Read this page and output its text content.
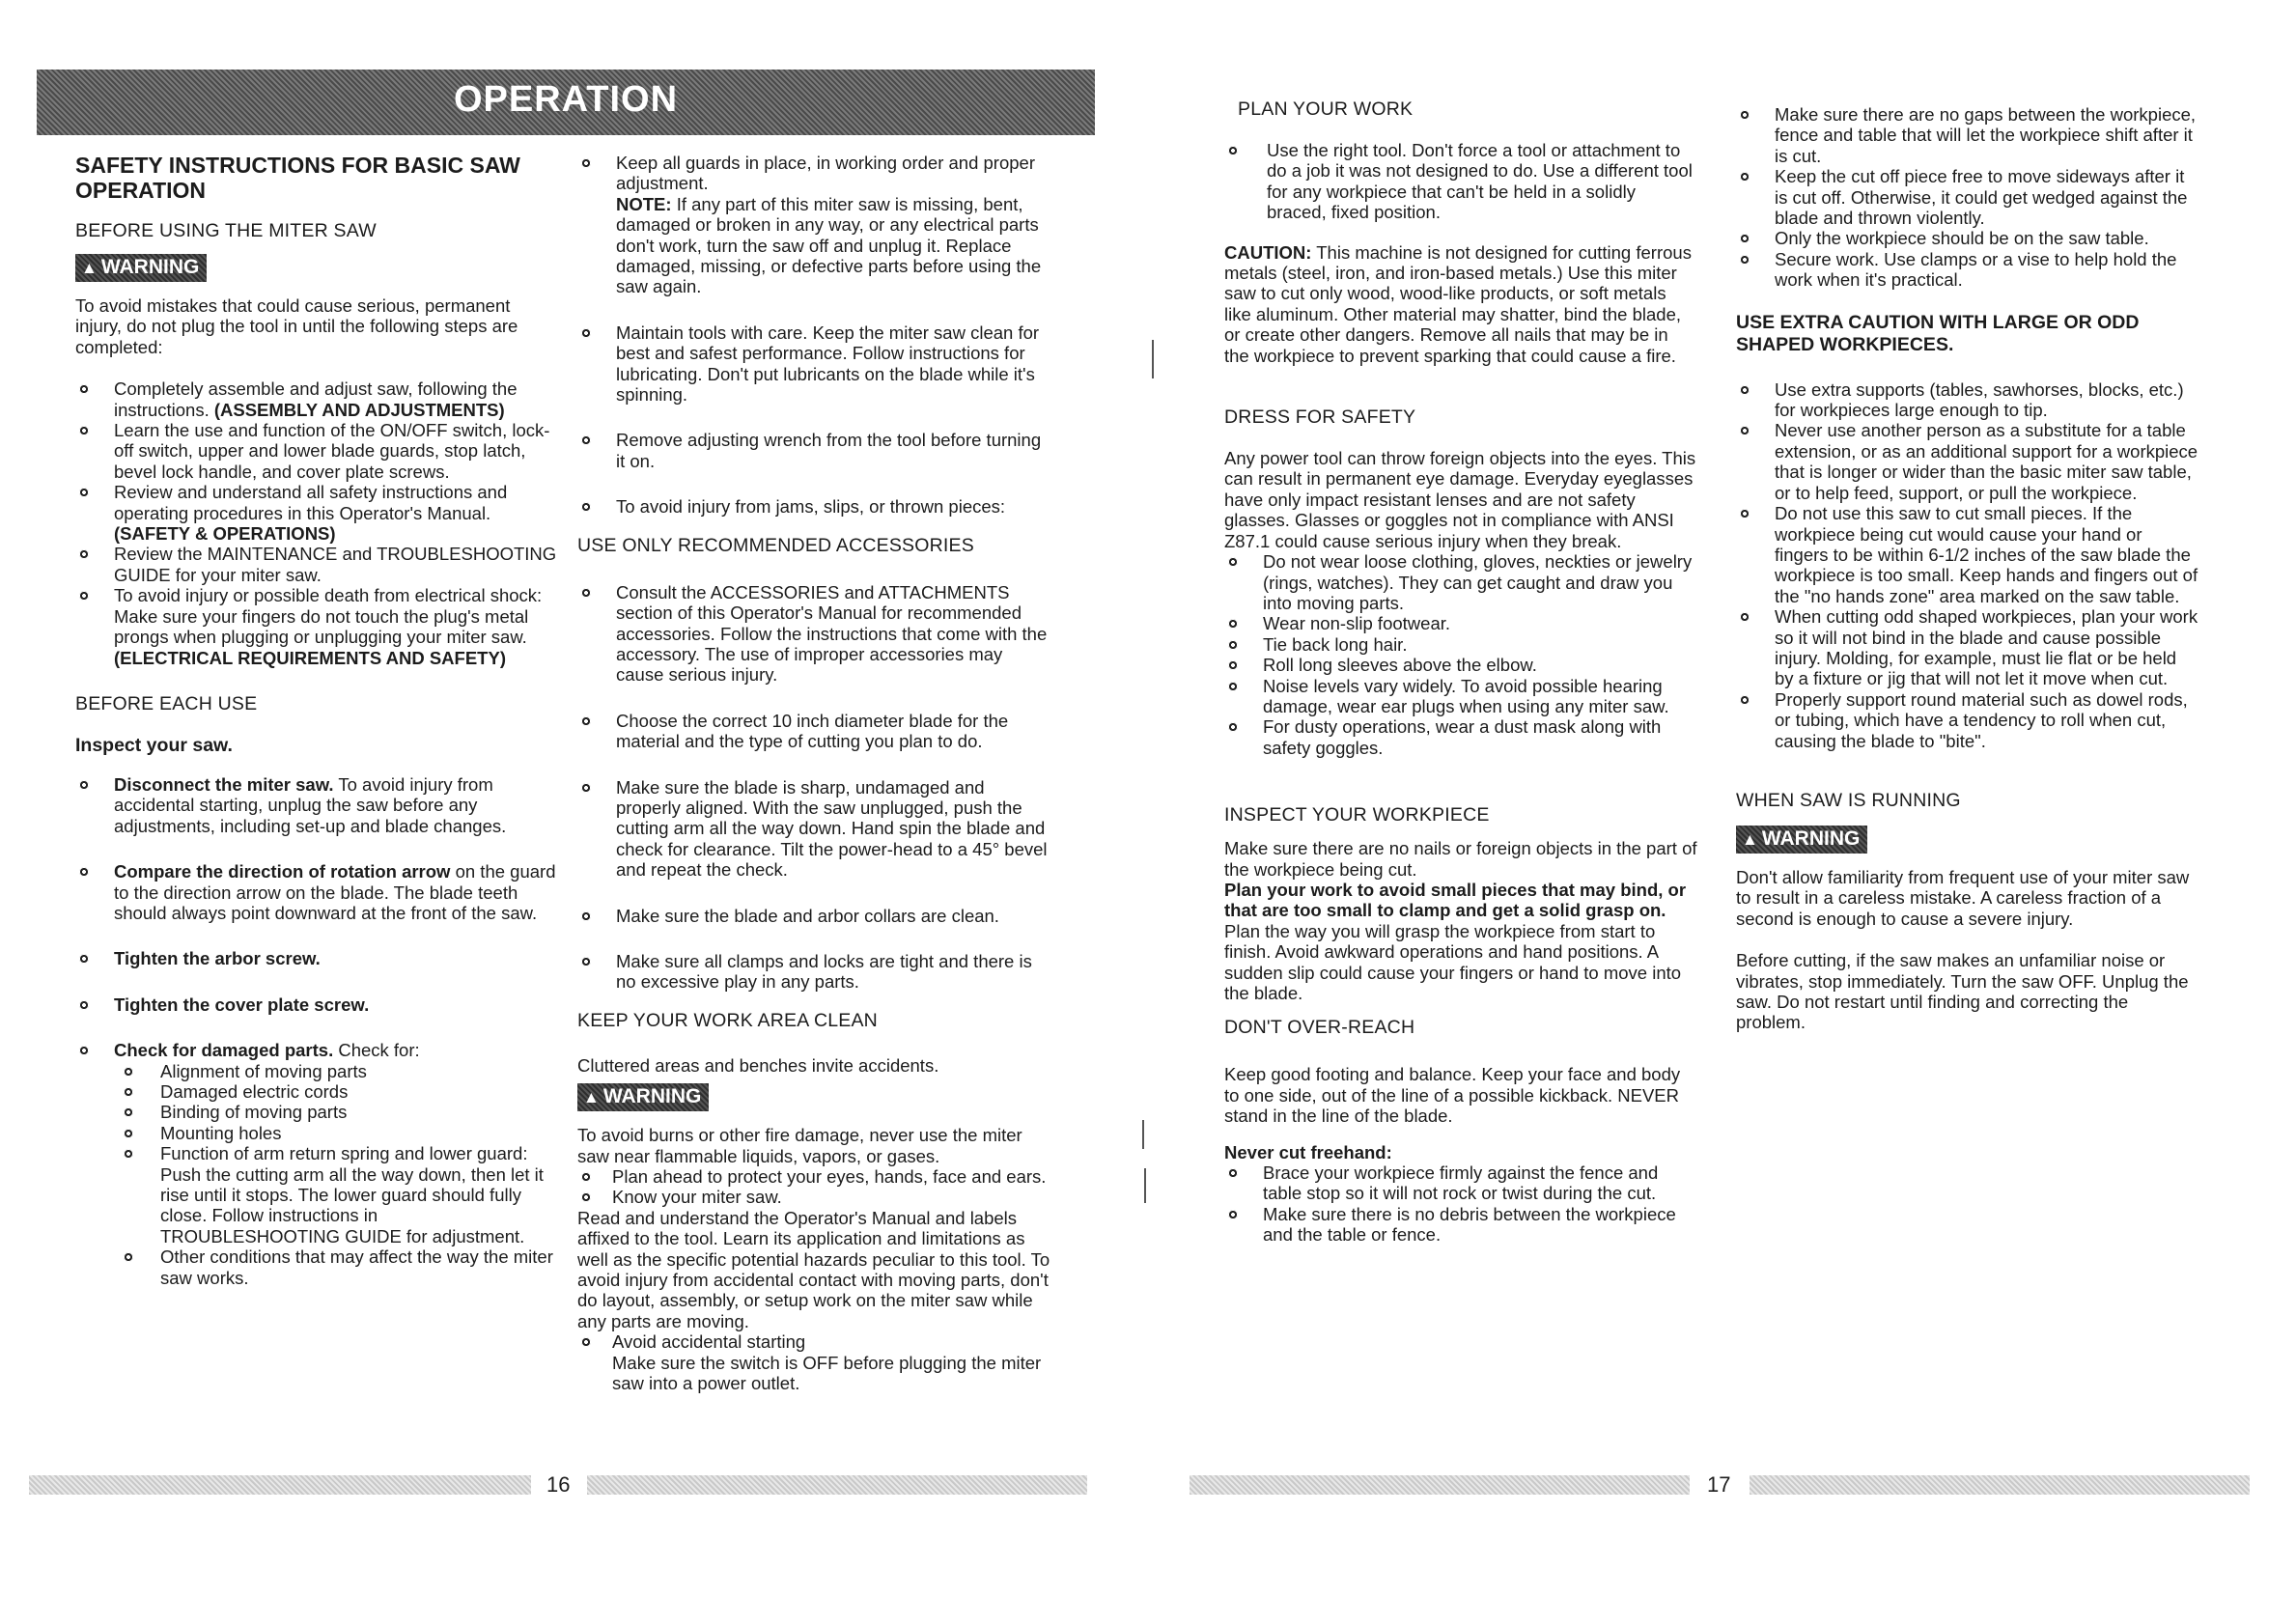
OPERATION
SAFETY INSTRUCTIONS FOR BASIC SAW OPERATION
BEFORE USING THE MITER SAW
▲ WARNING
To avoid mistakes that could cause serious, permanent injury, do not plug the tool in until the following steps are completed:
Completely assemble and adjust saw, following the instructions. (ASSEMBLY AND ADJUSTMENTS)
Learn the use and function of the ON/OFF switch, lock-off switch, upper and lower blade guards, stop latch, bevel lock handle, and cover plate screws.
Review and understand all safety instructions and operating procedures in this Operator's Manual. (SAFETY & OPERATIONS)
Review the MAINTENANCE and TROUBLESHOOTING GUIDE for your miter saw.
To avoid injury or possible death from electrical shock:
Make sure your fingers do not touch the plug's metal prongs when plugging or unplugging your miter saw. (ELECTRICAL REQUIREMENTS AND SAFETY)
BEFORE EACH USE
Inspect your saw.
Disconnect the miter saw. To avoid injury from accidental starting, unplug the saw before any adjustments, including set-up and blade changes.
Compare the direction of rotation arrow on the guard to the direction arrow on the blade. The blade teeth should always point downward at the front of the saw.
Tighten the arbor screw.
Tighten the cover plate screw.
Check for damaged parts. Check for:
Alignment of moving parts
Damaged electric cords
Binding of moving parts
Mounting holes
Function of arm return spring and lower guard:
Push the cutting arm all the way down, then let it rise until it stops. The lower guard should fully close. Follow instructions in TROUBLESHOOTING GUIDE for adjustment.
Other conditions that may affect the way the miter saw works.
Keep all guards in place, in working order and proper adjustment.
NOTE: If any part of this miter saw is missing, bent, damaged or broken in any way, or any electrical parts don't work, turn the saw off and unplug it. Replace damaged, missing, or defective parts before using the saw again.
Maintain tools with care. Keep the miter saw clean for best and safest performance. Follow instructions for lubricating. Don't put lubricants on the blade while it's spinning.
Remove adjusting wrench from the tool before turning it on.
To avoid injury from jams, slips, or thrown pieces:
USE ONLY RECOMMENDED ACCESSORIES
Consult the ACCESSORIES and ATTACHMENTS section of this Operator's Manual for recommended accessories. Follow the instructions that come with the accessory. The use of improper accessories may cause serious injury.
Choose the correct 10 inch diameter blade for the material and the type of cutting you plan to do.
Make sure the blade is sharp, undamaged and properly aligned. With the saw unplugged, push the cutting arm all the way down. Hand spin the blade and check for clearance. Tilt the power-head to a 45° bevel and repeat the check.
Make sure the blade and arbor collars are clean.
Make sure all clamps and locks are tight and there is no excessive play in any parts.
KEEP YOUR WORK AREA CLEAN
Cluttered areas and benches invite accidents.
▲ WARNING
To avoid burns or other fire damage, never use the miter saw near flammable liquids, vapors, or gases.
Plan ahead to protect your eyes, hands, face and ears.
Know your miter saw.
Read and understand the Operator's Manual and labels affixed to the tool. Learn its application and limitations as well as the specific potential hazards peculiar to this tool. To avoid injury from accidental contact with moving parts, don't do layout, assembly, or setup work on the miter saw while any parts are moving.
Avoid accidental starting
Make sure the switch is OFF before plugging the miter saw into a power outlet.
PLAN YOUR WORK
Use the right tool. Don't force a tool or attachment to do a job it was not designed to do. Use a different tool for any workpiece that can't be held in a solidly braced, fixed position.
CAUTION: This machine is not designed for cutting ferrous metals (steel, iron, and iron-based metals.) Use this miter saw to cut only wood, wood-like products, or soft metals like aluminum. Other material may shatter, bind the blade, or create other dangers. Remove all nails that may be in the workpiece to prevent sparking that could cause a fire.
DRESS FOR SAFETY
Any power tool can throw foreign objects into the eyes. This can result in permanent eye damage. Everyday eyeglasses have only impact resistant lenses and are not safety glasses. Glasses or goggles not in compliance with ANSI Z87.1 could cause serious injury when they break.
Do not wear loose clothing, gloves, neckties or jewelry (rings, watches). They can get caught and draw you into moving parts.
Wear non-slip footwear.
Tie back long hair.
Roll long sleeves above the elbow.
Noise levels vary widely. To avoid possible hearing damage, wear ear plugs when using any miter saw.
For dusty operations, wear a dust mask along with safety goggles.
INSPECT YOUR WORKPIECE
Make sure there are no nails or foreign objects in the part of the workpiece being cut.
Plan your work to avoid small pieces that may bind, or that are too small to clamp and get a solid grasp on.
Plan the way you will grasp the workpiece from start to finish. Avoid awkward operations and hand positions. A sudden slip could cause your fingers or hand to move into the blade.
DON'T OVER-REACH
Keep good footing and balance. Keep your face and body to one side, out of the line of a possible kickback. NEVER stand in the line of the blade.
Never cut freehand:
Brace your workpiece firmly against the fence and table stop so it will not rock or twist during the cut.
Make sure there is no debris between the workpiece and the table or fence.
Make sure there are no gaps between the workpiece, fence and table that will let the workpiece shift after it is cut.
Keep the cut off piece free to move sideways after it is cut off. Otherwise, it could get wedged against the blade and thrown violently.
Only the workpiece should be on the saw table.
Secure work. Use clamps or a vise to help hold the work when it's practical.
USE EXTRA CAUTION WITH LARGE OR ODD SHAPED WORKPIECES.
Use extra supports (tables, sawhorses, blocks, etc.) for workpieces large enough to tip.
Never use another person as a substitute for a table extension, or as an additional support for a workpiece that is longer or wider than the basic miter saw table, or to help feed, support, or pull the workpiece.
Do not use this saw to cut small pieces. If the workpiece being cut would cause your hand or fingers to be within 6-1/2 inches of the saw blade the workpiece is too small. Keep hands and fingers out of the "no hands zone" area marked on the saw table.
When cutting odd shaped workpieces, plan your work so it will not bind in the blade and cause possible injury. Molding, for example, must lie flat or be held by a fixture or jig that will not let it move when cut.
Properly support round material such as dowel rods, or tubing, which have a tendency to roll when cut, causing the blade to "bite".
WHEN SAW IS RUNNING
▲ WARNING
Don't allow familiarity from frequent use of your miter saw to result in a careless mistake. A careless fraction of a second is enough to cause a severe injury.
Before cutting, if the saw makes an unfamiliar noise or vibrates, stop immediately. Turn the saw OFF. Unplug the saw. Do not restart until finding and correcting the problem.
16	17
